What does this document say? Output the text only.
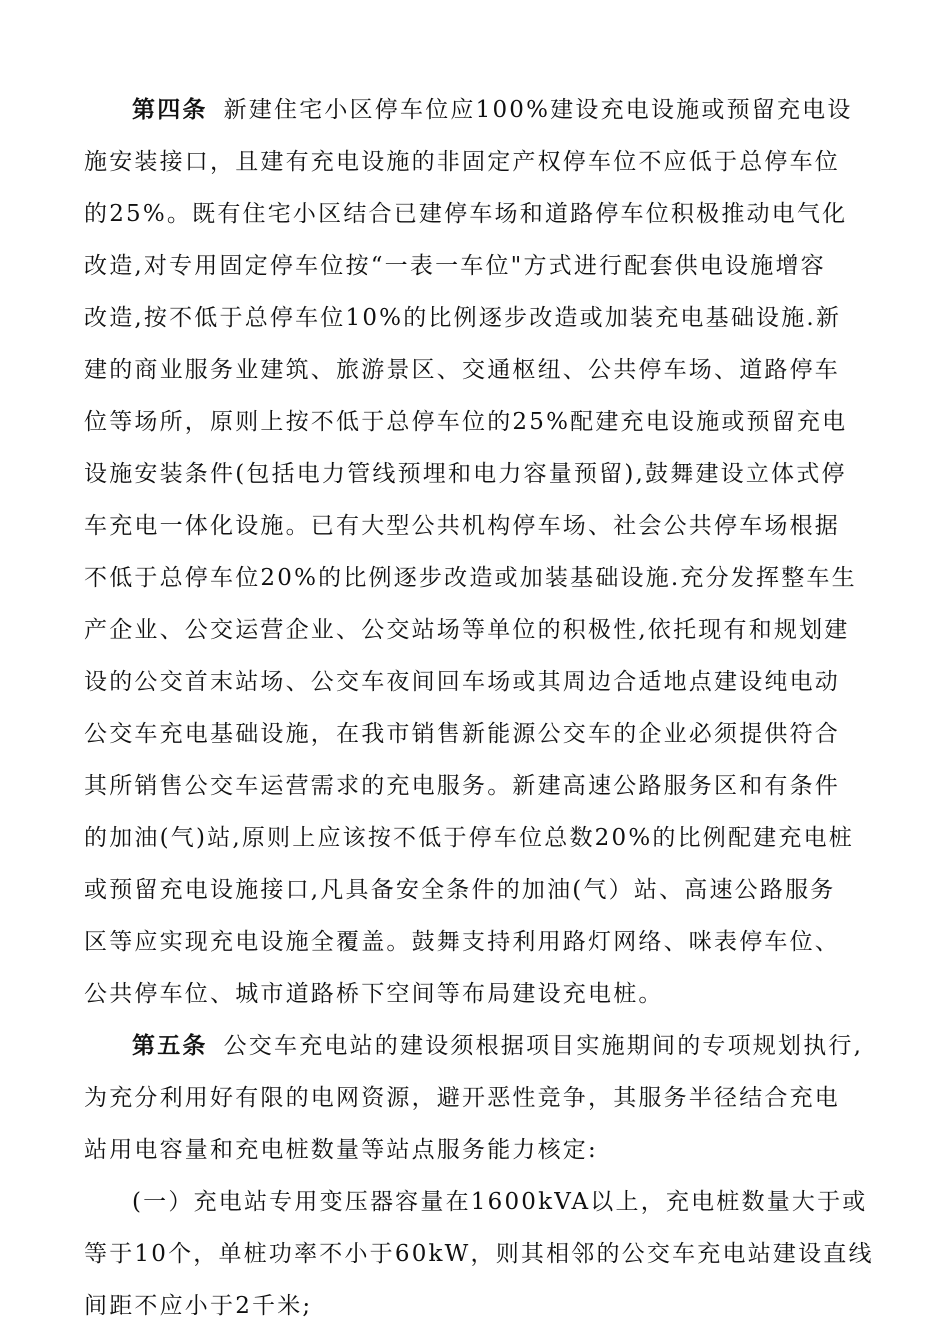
第四条 新建住宅小区停车位应100%建设充电设施或预留充电设
施安装接口，且建有充电设施的非固定产权停车位不应低于总停车位
的25%。既有住宅小区结合已建停车场和道路停车位积极推动电气化
改造,对专用固定停车位按“一表一车位"方式进行配套供电设施增容
改造,按不低于总停车位10%的比例逐步改造或加装充电基础设施.新
建的商业服务业建筑、旅游景区、交通枢纽、公共停车场、道路停车
位等场所，原则上按不低于总停车位的25%配建充电设施或预留充电
设施安装条件(包括电力管线预埋和电力容量预留),鼓舞建设立体式停
车充电一体化设施。已有大型公共机构停车场、社会公共停车场根据
不低于总停车位20%的比例逐步改造或加装基础设施.充分发挥整车生
产企业、公交运营企业、公交站场等单位的积极性,依托现有和规划建
设的公交首末站场、公交车夜间回车场或其周边合适地点建设纯电动
公交车充电基础设施，在我市销售新能源公交车的企业必须提供符合
其所销售公交车运营需求的充电服务。新建高速公路服务区和有条件
的加油(气)站,原则上应该按不低于停车位总数20%的比例配建充电桩
或预留充电设施接口,凡具备安全条件的加油(气）站、高速公路服务
区等应实现充电设施全覆盖。鼓舞支持利用路灯网络、咪表停车位、
公共停车位、城市道路桥下空间等布局建设充电桩。
第五条 公交车充电站的建设须根据项目实施期间的专项规划执行,
为充分利用好有限的电网资源，避开恶性竞争，其服务半径结合充电
站用电容量和充电桩数量等站点服务能力核定:
(一）充电站专用变压器容量在1600kVA以上，充电桩数量大于或
等于10个，单桩功率不小于60kW，则其相邻的公交车充电站建设直线
间距不应小于2千米;
